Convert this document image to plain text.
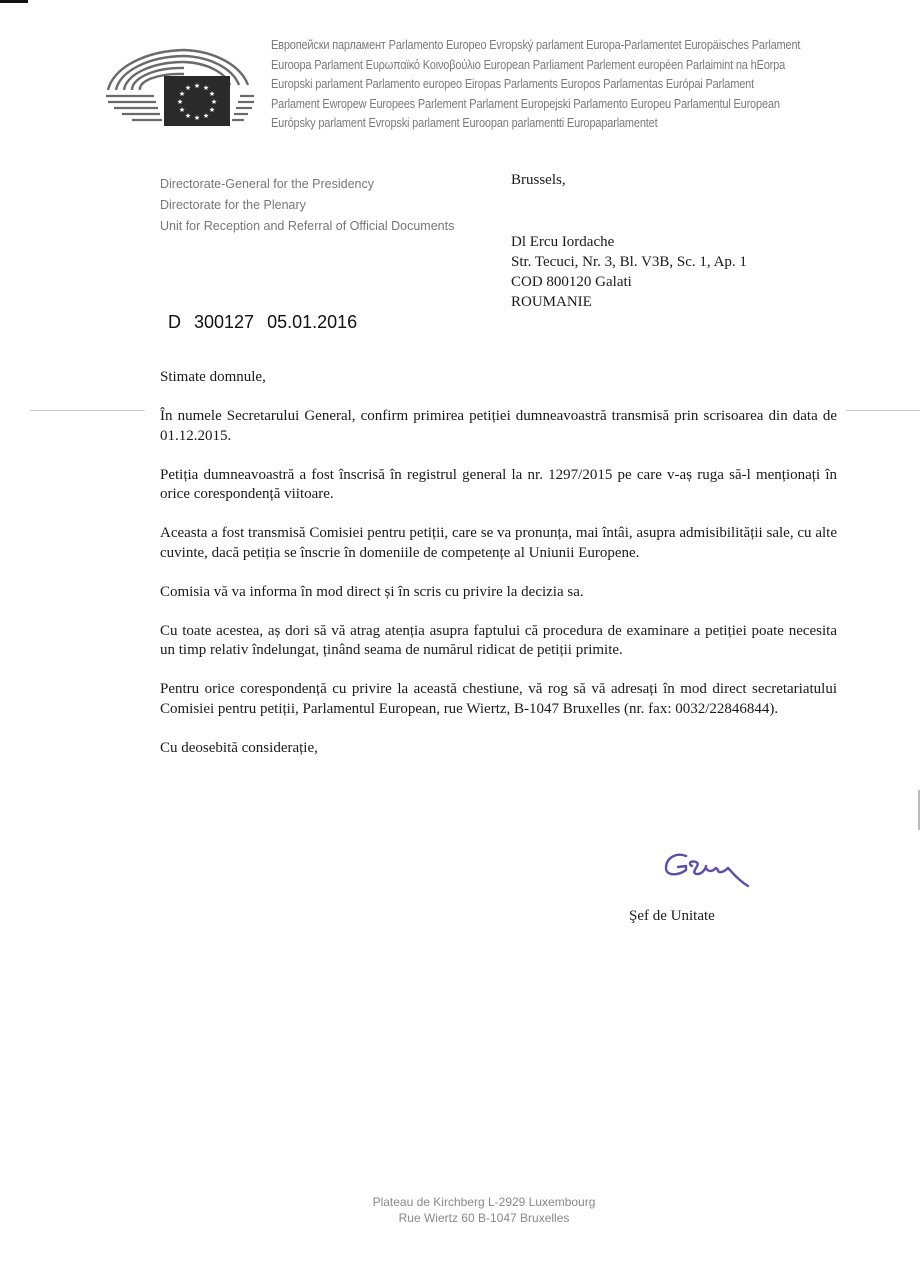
★ ★
★
★
★
★
★
★
★
★
★
★
Европейски парламент Parlamento Europeo Evropský parlament Europa-Parlamentet Europäisches Parlament
Euroopa Parlament Ευρωπαϊκό Κοινοβούλιο European Parliament Parlement européen Parlaimint na hEorpa
Europski parlament Parlamento europeo Eiropas Parlaments Europos Parlamentas Európai Parlament
Parlament Ewropew Europees Parlement Parlament Europejski Parlamento Europeu Parlamentul European
Európsky parlament Evropski parlament Euroopan parlamentti Europaparlamentet
Directorate-General for the Presidency
Directorate for the Plenary
Unit for Reception and Referral of Official Documents
Brussels,
Dl Ercu Iordache
Str. Tecuci, Nr. 3, Bl. V3B, Sc. 1, Ap. 1
COD 800120 Galati
ROUMANIE
D 300127 05.01.2016

Stimate domnule,

În numele Secretarului General, confirm primirea petiției dumneavoastră transmisă prin scrisoarea din data de 01.12.2015.

Petiția dumneavoastră a fost înscrisă în registrul general la nr. 1297/2015 pe care v-aș ruga să-l menționați în orice corespondență viitoare.

Aceasta a fost transmisă Comisiei pentru petiții, care se va pronunța, mai întâi, asupra admisibilității sale, cu alte cuvinte, dacă petiția se înscrie în domeniile de competențe al Uniunii Europene.

Comisia vă va informa în mod direct și în scris cu privire la decizia sa.

Cu toate acestea, aș dori să vă atrag atenția asupra faptului că procedura de examinare a petiției poate necesita un timp relativ îndelungat, ținând seama de numărul ridicat de petiții primite.

Pentru orice corespondență cu privire la această chestiune, vă rog să vă adresați în mod direct secretariatului Comisiei pentru petiții, Parlamentul European, rue Wiertz, B-1047 Bruxelles (nr. fax: 0032/22846844).

Cu deosebită considerație,

Şef de Unitate
Plateau de Kirchberg L-2929 Luxembourg
Rue Wiertz 60 B-1047 Bruxelles
